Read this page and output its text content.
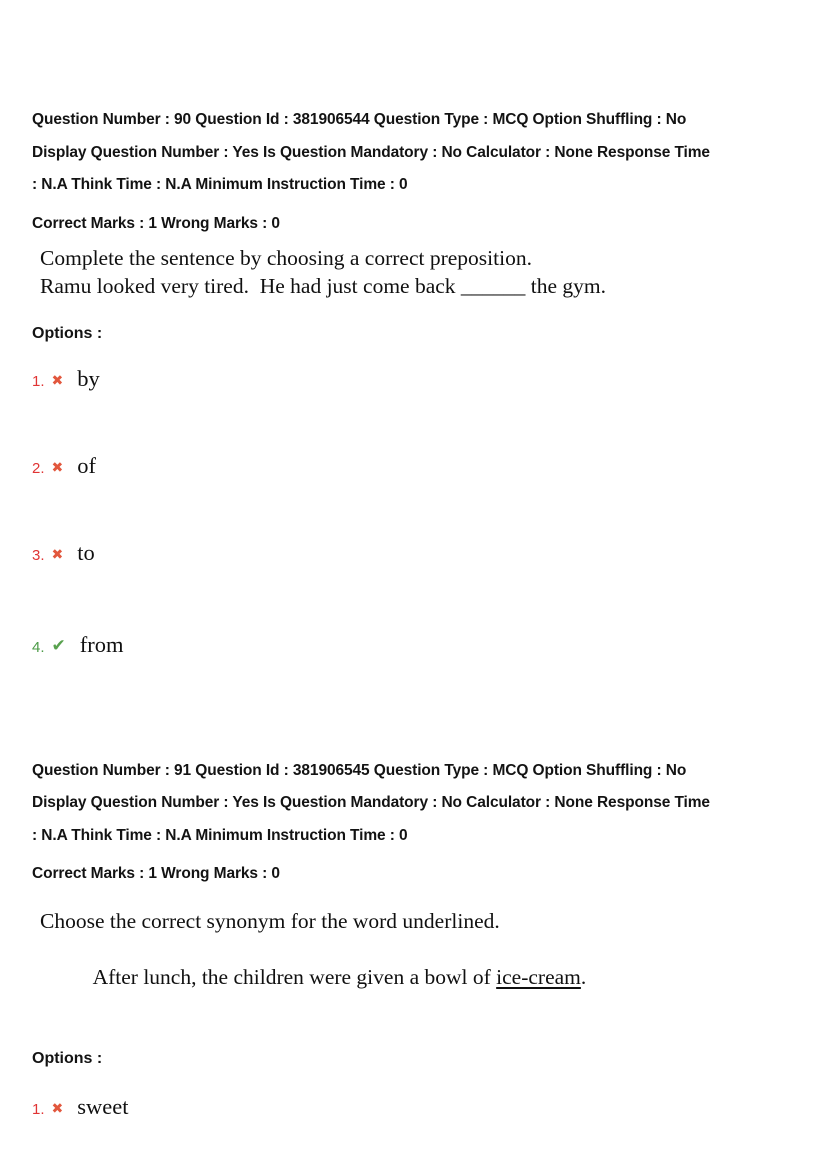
Question Number : 90 Question Id : 381906544 Question Type : MCQ Option Shuffling : No
Display Question Number : Yes Is Question Mandatory : No Calculator : None Response Time
: N.A Think Time : N.A Minimum Instruction Time : 0
Correct Marks : 1 Wrong Marks : 0
Complete the sentence by choosing a correct preposition.
Ramu looked very tired.  He had just come back ______ the gym.
Options :
1. ✖ by
2. ✖ of
3. ✖ to
4. ✔ from
Question Number : 91 Question Id : 381906545 Question Type : MCQ Option Shuffling : No
Display Question Number : Yes Is Question Mandatory : No Calculator : None Response Time
: N.A Think Time : N.A Minimum Instruction Time : 0
Correct Marks : 1 Wrong Marks : 0
Choose the correct synonym for the word underlined.

After lunch, the children were given a bowl of ice-cream.

Options :
1. ✖ sweet
